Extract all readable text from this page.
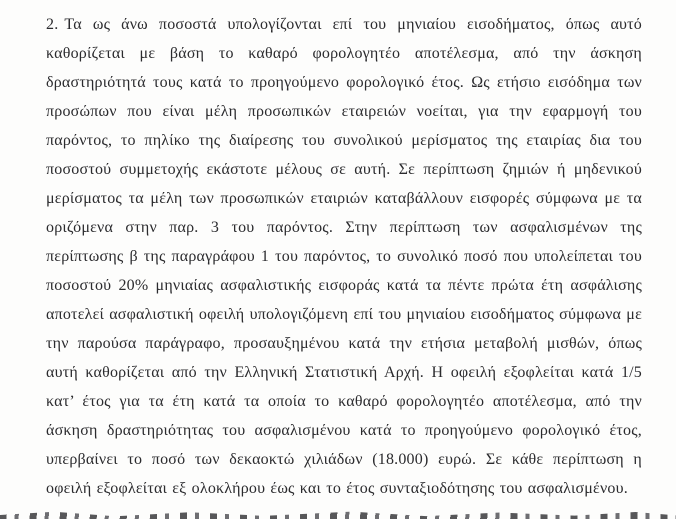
2. Τα ως άνω ποσοστά υπολογίζονται επί του μηνιαίου εισοδήματος, όπως αυτό καθορίζεται με βάση το καθαρό φορολογητέο αποτέλεσμα, από την άσκηση δραστηριότητά τους κατά το προηγούμενο φορολογικό έτος. Ως ετήσιο εισόδημα των προσώπων που είναι μέλη προσωπικών εταιρειών νοείται, για την εφαρμογή του παρόντος, το πηλίκο της διαίρεσης του συνολικού μερίσματος της εταιρίας δια του ποσοστού συμμετοχής εκάστοτε μέλους σε αυτή. Σε περίπτωση ζημιών ή μηδενικού μερίσματος τα μέλη των προσωπικών εταιριών καταβάλλουν εισφορές σύμφωνα με τα οριζόμενα στην παρ. 3 του παρόντος. Στην περίπτωση των ασφαλισμένων της περίπτωσης β της παραγράφου 1 του παρόντος, το συνολικό ποσό που υπολείπεται του ποσοστού 20% μηνιαίας ασφαλιστικής εισφοράς κατά τα πέντε πρώτα έτη ασφάλισης αποτελεί ασφαλιστική οφειλή υπολογιζόμενη επί του μηνιαίου εισοδήματος σύμφωνα με την παρούσα παράγραφο, προσαυξημένου κατά την ετήσια μεταβολή μισθών, όπως αυτή καθορίζεται από την Ελληνική Στατιστική Αρχή. Η οφειλή εξοφλείται κατά 1/5 κατ’ έτος για τα έτη κατά τα οποία το καθαρό φορολογητέο αποτέλεσμα, από την άσκηση δραστηριότητας του ασφαλισμένου κατά το προηγούμενο φορολογικό έτος, υπερβαίνει το ποσό των δεκαοκτώ χιλιάδων (18.000) ευρώ. Σε κάθε περίπτωση η οφειλή εξοφλείται εξ ολοκλήρου έως και το έτος συνταξιοδότησης του ασφαλισμένου.
